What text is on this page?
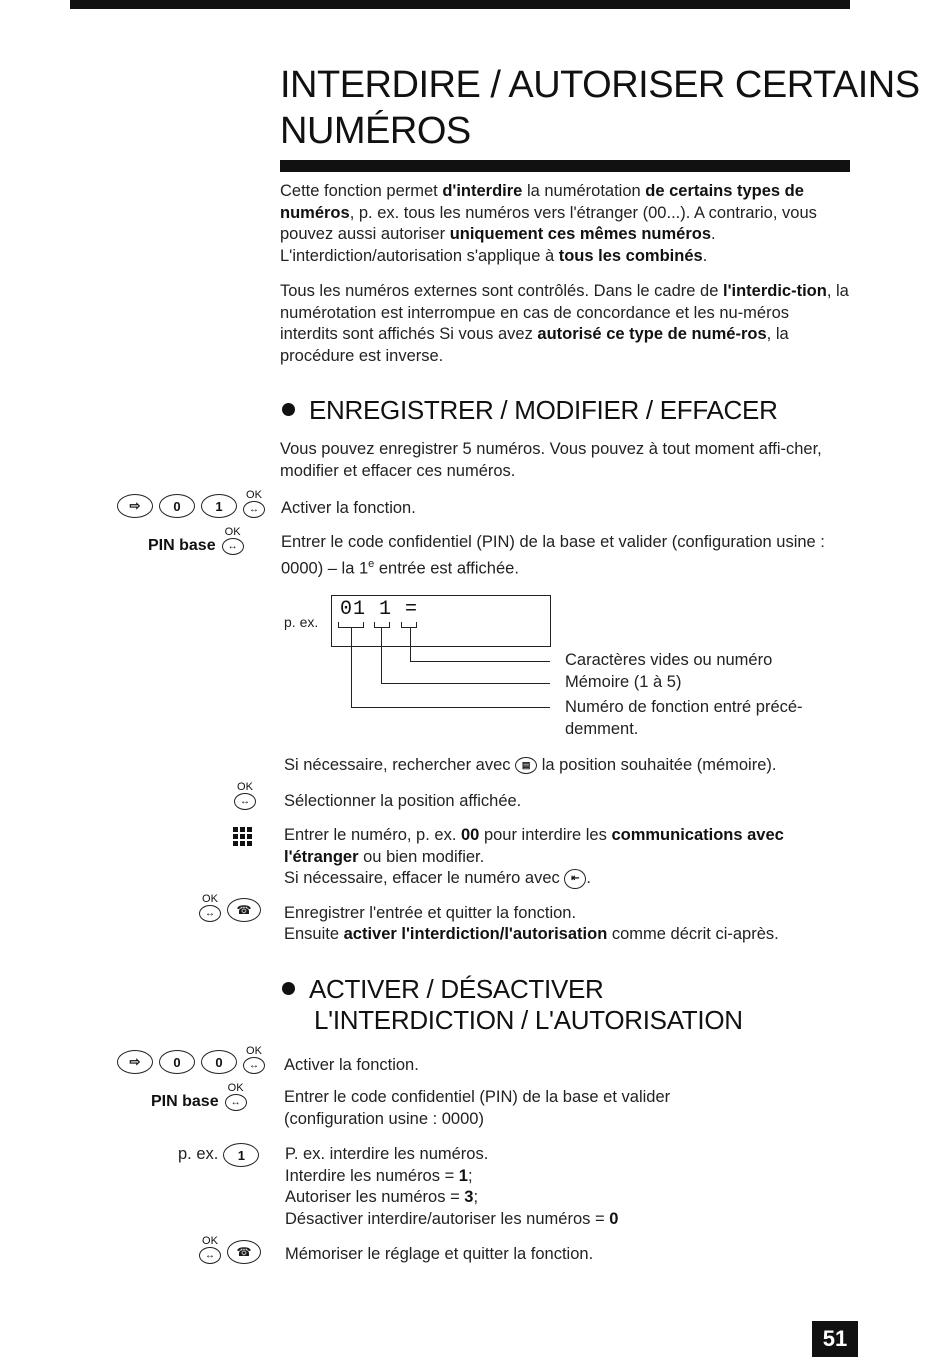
INTERDIRE / AUTORISER CERTAINS
NUMÉROS

Cette fonction permet d'interdire la numérotation de certains types de numéros, p. ex. tous les numéros vers l'étranger (00...). A contrario, vous pouvez aussi autoriser uniquement ces mêmes numéros. L'interdiction/autorisation s'applique à tous les combinés.

Tous les numéros externes sont contrôlés. Dans le cadre de l'interdic-tion, la numérotation est interrompue en cas de concordance et les nu-méros interdits sont affichés Si vous avez autorisé ce type de numé-ros, la procédure est inverse.

ENREGISTRER / MODIFIER / EFFACER

Vous pouvez enregistrer 5 numéros. Vous pouvez à tout moment affi-cher, modifier et effacer ces numéros.

⇨	0	1
OK
↔	Activer la fonction.

PIN base
OK
↔	Entrer le code confidentiel (PIN) de la base et valider (configuration usine : 0000) – la 1e entrée est affichée.

p. ex.
01 1 =

Caractères vides ou numéro

Mémoire (1 à 5)

Numéro de fonction entré précé-demment.

Si nécessaire, rechercher avec ▤ la position souhaitée (mémoire).

OK
↔	Sélectionner la position affichée.

Entrer le numéro, p. ex. 00 pour interdire les communications avec l'étranger ou bien modifier.

Si nécessaire, effacer le numéro avec ⇤ .

OK
↔	☎	Enregistrer l'entrée et quitter la fonction.

Ensuite activer l'interdiction/l'autorisation comme décrit ci-après.

ACTIVER / DÉSACTIVER
L'INTERDICTION / L'AUTORISATION
⇨	0	0
OK
↔	Activer la fonction.

PIN base
OK
↔	Entrer le code confidentiel (PIN) de la base et valider (configuration usine : 0000)

p. ex.	1	P. ex. interdire les numéros.

Interdire les numéros = 1;

Autoriser les numéros = 3;

Désactiver interdire/autoriser les numéros = 0

OK
↔	☎	Mémoriser le réglage et quitter la fonction.

51
